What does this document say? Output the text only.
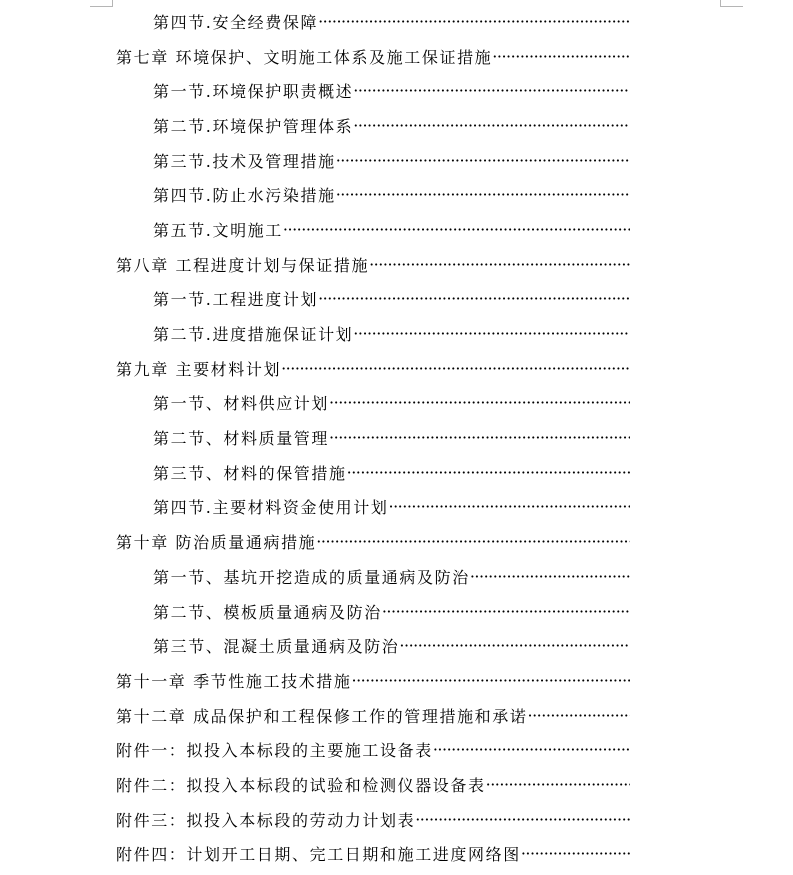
第四节.安全经费保障
·····
第七章 环境保护、文明施工体系及施工保证措施
·····
第一节.环境保护职责概述
·····
第二节.环境保护管理体系
·····
第三节.技术及管理措施
·····
第四节.防止水污染措施
·····
第五节.文明施工
·····
第八章 工程进度计划与保证措施
·····
第一节.工程进度计划
·····
第二节.进度措施保证计划
·····
第九章 主要材料计划
·····
第一节、材料供应计划
·····
第二节、材料质量管理
·····
第三节、材料的保管措施
·····
第四节.主要材料资金使用计划
·····
第十章 防治质量通病措施
·····
第一节、基坑开挖造成的质量通病及防治
·····
第二节、模板质量通病及防治
·····
第三节、混凝土质量通病及防治
·····
第十一章 季节性施工技术措施
·····
第十二章 成品保护和工程保修工作的管理措施和承诺
·····
附件一：拟投入本标段的主要施工设备表
·····
附件二：拟投入本标段的试验和检测仪器设备表
·····
附件三：拟投入本标段的劳动力计划表
·····
附件四：计划开工日期、完工日期和施工进度网络图
·····
